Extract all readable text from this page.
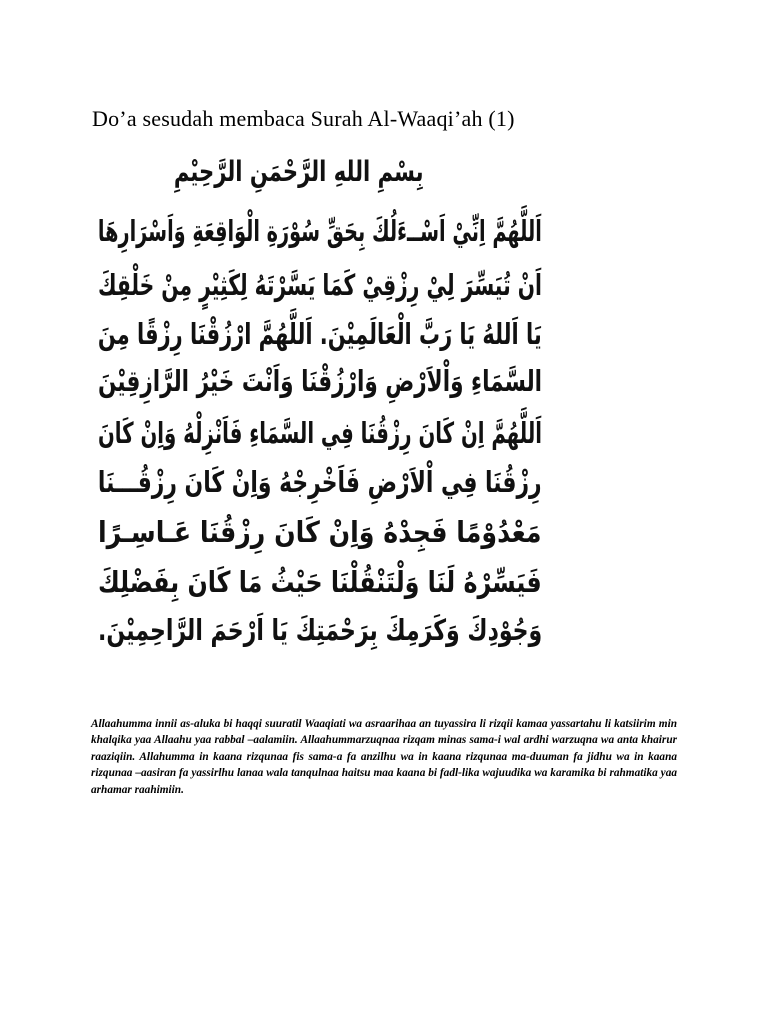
Do’a sesudah membaca Surah Al-Waaqi’ah (1)
بِسْمِ اللهِ الرَّحْمَنِ الرَّحِيْمِ
اَللَّهُمَّ اِنِّيْ اَسْــءَلُكَ بِحَقِّ سُوْرَةِ الْوَاقِعَةِ وَاَسْرَارِهَا
اَنْ تُيَسِّرَ لِيْ رِزْقِيْ كَمَا يَسَّرْتَهُ لِكَثِيْرٍ مِنْ خَلْقِكَ
يَا اَللهُ يَا رَبَّ الْعَالَمِيْنَ. اَللَّهُمَّ ارْزُقْنَا رِزْقًا مِنَ
السَّمَاءِ وَاْلاَرْضِ وَارْزُقْنَا وَاَنْتَ خَيْرُ الرَّازِقِيْنَ
اَللَّهُمَّ اِنْ كَانَ رِزْقُنَا فِي السَّمَاءِ فَاَنْزِلْهُ وَاِنْ كَانَ
رِزْقُنَا فِي اْلاَرْضِ فَاَخْرِجْهُ وَاِنْ كَانَ رِزْقُـــنَا
مَعْدُوْمًا فَجِدْهُ وَاِنْ كَانَ رِزْقُنَا عَـاسِـرًا
فَيَسِّرْهُ لَنَا وَلْتَنْقُلْنَا حَيْثُ مَا كَانَ بِفَضْلِكَ
وَجُوْدِكَ وَكَرَمِكَ بِرَحْمَتِكَ يَا اَرْحَمَ الرَّاحِمِيْنَ.

Allaahumma innii as-aluka bi haqqi suuratil Waaqiati wa asraarihaa an tuyassira li rizqii kamaa yassartahu li katsiirim min khalqika yaa Allaahu yaa rabbal –aalamiin. Allaahummarzuqnaa rizqam minas sama-i wal ardhi warzuqna wa anta khairur raaziqiin. Allahumma in kaana rizqunaa fis sama-a fa anzilhu wa in kaana rizqunaa ma-duuman fa jidhu wa in kaana rizqunaa –aasiran fa yassirlhu lanaa wala tanqulnaa haitsu maa kaana bi fadl-lika wajuudika wa karamika bi rahmatika yaa arhamar raahimiin.
